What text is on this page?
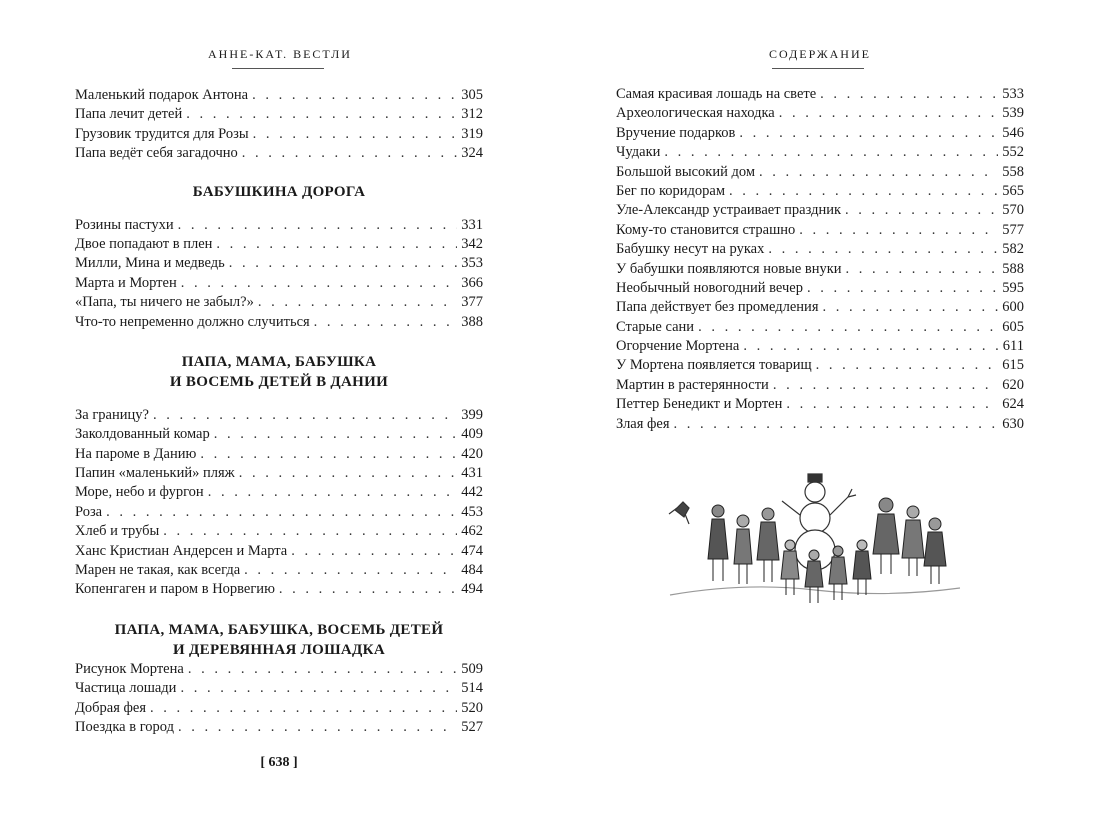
АННЕ-КАТ. ВЕСТЛИ
Маленький подарок Антона . . .	305
Папа лечит детей . . .	312
Грузовик трудится для Розы . . .	319
Папа ведёт себя загадочно . . .	324
БАБУШКИНА ДОРОГА
Розины пастухи . . .	331
Двое попадают в плен . . .	342
Милли, Мина и медведь . . .	353
Марта и Мортен . . .	366
«Папа, ты ничего не забыл?» . . .	377
Что-то непременно должно случиться . . .	388
ПАПА, МАМА, БАБУШКА
И ВОСЕМЬ ДЕТЕЙ В ДАНИИ
За границу? . . .	399
Заколдованный комар . . .	409
На пароме в Данию . . .	420
Папин «маленький» пляж . . .	431
Море, небо и фургон . . .	442
Роза . . .	453
Хлеб и трубы . . .	462
Ханс Кристиан Андерсен и Марта . . .	474
Марен не такая, как всегда . . .	484
Копенгаген и паром в Норвегию . . .	494
ПАПА, МАМА, БАБУШКА, ВОСЕМЬ ДЕТЕЙ
И ДЕРЕВЯННАЯ ЛОШАДКА
Рисунок Мортена . . .	509
Частица лошади . . .	514
Добрая фея . . .	520
Поездка в город . . .	527
[ 638 ]
СОДЕРЖАНИЕ
Самая красивая лошадь на свете . . .	533
Археологическая находка . . .	539
Вручение подарков . . .	546
Чудаки . . .	552
Большой высокий дом . . .	558
Бег по коридорам . . .	565
Уле-Александр устраивает праздник . . .	570
Кому-то становится страшно . . .	577
Бабушку несут на руках . . .	582
У бабушки появляются новые внуки . . .	588
Необычный новогодний вечер . . .	595
Папа действует без промедления . . .	600
Старые сани . . .	605
Огорчение Мортена . . .	611
У Мортена появляется товарищ . . .	615
Мартин в растерянности . . .	620
Петтер Бенедикт и Мортен . . .	624
Злая фея . . .	630
